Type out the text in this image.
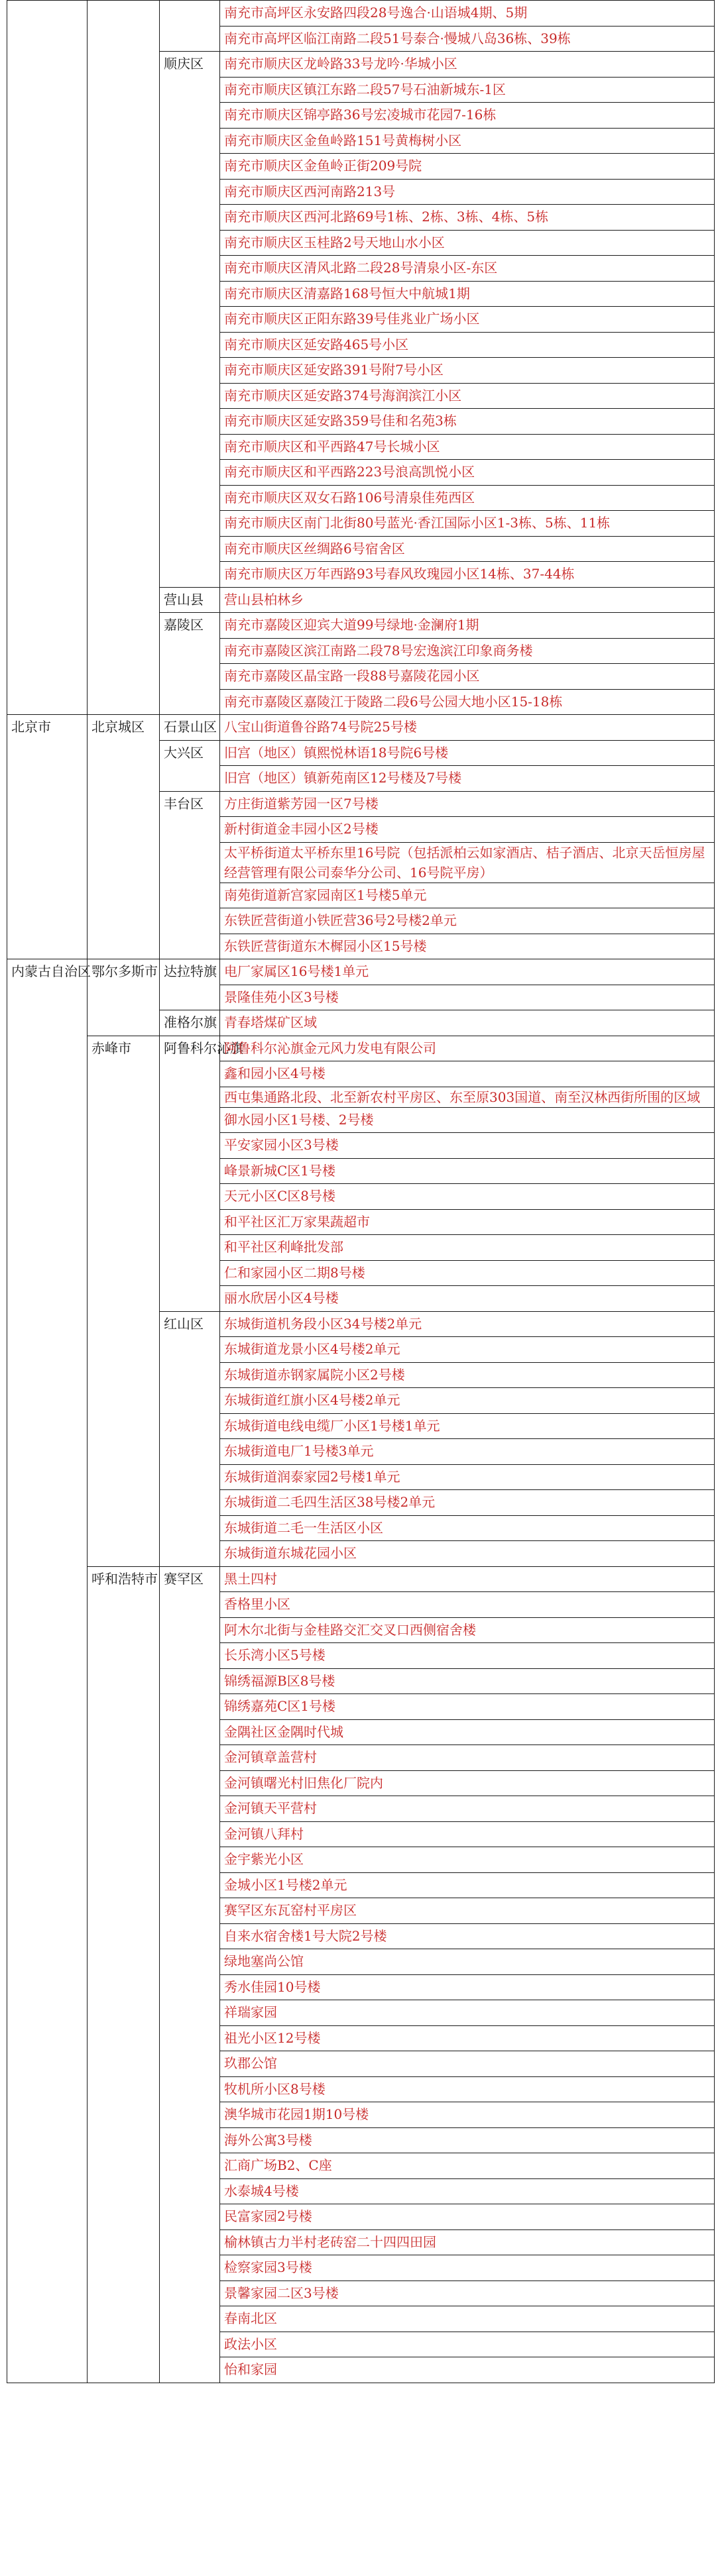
			南充市高坪区永安路四段28号逸合·山语城4期、5期
			南充市高坪区临江南路二段51号泰合·慢城八岛36栋、39栋
		顺庆区	南充市顺庆区龙岭路33号龙吟·华城小区
			南充市顺庆区镇江东路二段57号石油新城东-1区
			南充市顺庆区锦亭路36号宏凌城市花园7-16栋
			南充市顺庆区金鱼岭路151号黄梅树小区
			南充市顺庆区金鱼岭正街209号院
			南充市顺庆区西河南路213号
			南充市顺庆区西河北路69号1栋、2栋、3栋、4栋、5栋
			南充市顺庆区玉桂路2号天地山水小区
			南充市顺庆区清风北路二段28号清泉小区-东区
			南充市顺庆区清嘉路168号恒大中航城1期
			南充市顺庆区正阳东路39号佳兆业广场小区
			南充市顺庆区延安路465号小区
			南充市顺庆区延安路391号附7号小区
			南充市顺庆区延安路374号海润滨江小区
			南充市顺庆区延安路359号佳和名苑3栋
			南充市顺庆区和平西路47号长城小区
			南充市顺庆区和平西路223号浪高凯悦小区
			南充市顺庆区双女石路106号清泉佳苑西区
			南充市顺庆区南门北街80号蓝光·香江国际小区1-3栋、5栋、11栋
			南充市顺庆区丝绸路6号宿舍区
			南充市顺庆区万年西路93号春风玫瑰园小区14栋、37-44栋
		营山县	营山县柏林乡
		嘉陵区	南充市嘉陵区迎宾大道99号绿地·金澜府1期
			南充市嘉陵区滨江南路二段78号宏逸滨江印象商务楼
			南充市嘉陵区晶宝路一段88号嘉陵花园小区
			南充市嘉陵区嘉陵江于陵路二段6号公园大地小区15-18栋
北京市	北京城区	石景山区	八宝山街道鲁谷路74号院25号楼
		大兴区	旧宫（地区）镇熙悦林语18号院6号楼
			旧宫（地区）镇新苑南区12号楼及7号楼
		丰台区	方庄街道紫芳园一区7号楼
			新村街道金丰园小区2号楼
			太平桥街道太平桥东里16号院（包括派柏云如家酒店、桔子酒店、北京天岳恒房屋经营管理有限公司泰华分公司、16号院平房）
			南苑街道新宫家园南区1号楼5单元
			东铁匠营街道小铁匠营36号2号楼2单元
			东铁匠营街道东木樨园小区15号楼
内蒙古自治区	鄂尔多斯市	达拉特旗	电厂家属区16号楼1单元
			景隆佳苑小区3号楼
		准格尔旗	青春塔煤矿区域
	赤峰市	阿鲁科尔沁旗	阿鲁科尔沁旗金元风力发电有限公司
			鑫和园小区4号楼
			西屯集通路北段、北至新农村平房区、东至原303国道、南至汉林西街所围的区域
			御水园小区1号楼、2号楼
			平安家园小区3号楼
			峰景新城C区1号楼
			天元小区C区8号楼
			和平社区汇万家果蔬超市
			和平社区利峰批发部
			仁和家园小区二期8号楼
			丽水欣居小区4号楼
		红山区	东城街道机务段小区34号楼2单元
			东城街道龙景小区4号楼2单元
			东城街道赤钢家属院小区2号楼
			东城街道红旗小区4号楼2单元
			东城街道电线电缆厂小区1号楼1单元
			东城街道电厂1号楼3单元
			东城街道润泰家园2号楼1单元
			东城街道二毛四生活区38号楼2单元
			东城街道二毛一生活区小区
			东城街道东城花园小区
	呼和浩特市	赛罕区	黑土四村
			香格里小区
			阿木尔北街与金桂路交汇交叉口西侧宿舍楼
			长乐湾小区5号楼
			锦绣福源B区8号楼
			锦绣嘉苑C区1号楼
			金隅社区金隅时代城
			金河镇章盖营村
			金河镇曙光村旧焦化厂院内
			金河镇天平营村
			金河镇八拜村
			金宇紫光小区
			金城小区1号楼2单元
			赛罕区东瓦窑村平房区
			自来水宿舍楼1号大院2号楼
			绿地塞尚公馆
			秀水佳园10号楼
			祥瑞家园
			祖光小区12号楼
			玖郡公馆
			牧机所小区8号楼
			澳华城市花园1期10号楼
			海外公寓3号楼
			汇商广场B2、C座
			水泰城4号楼
			民富家园2号楼
			榆林镇古力半村老砖窑二十四四田园
			检察家园3号楼
			景馨家园二区3号楼
			春南北区
			政法小区
			怡和家园
